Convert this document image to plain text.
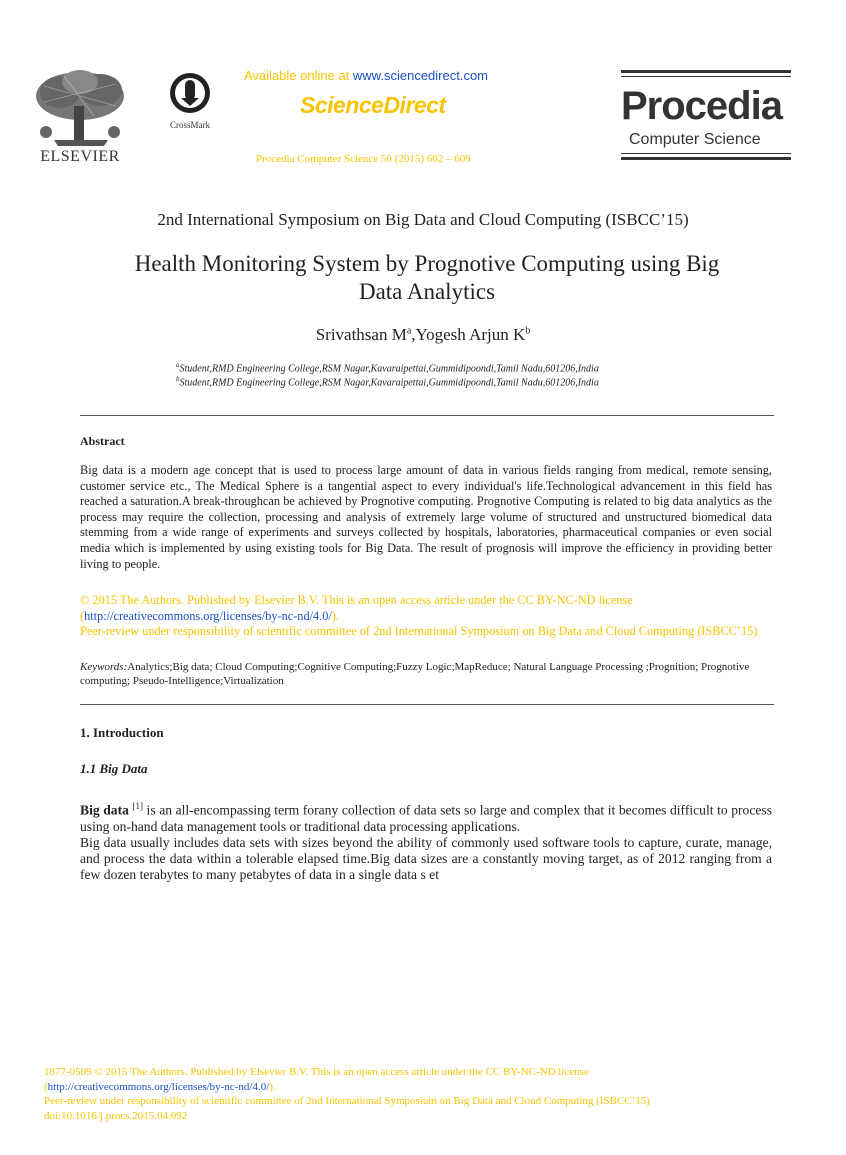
ELSEVIER
CrossMark
Available online at www.sciencedirect.com
ScienceDirect
Procedia Computer Science 50 (2015) 602 – 609
Procedia
Computer Science
2nd International Symposium on Big Data and Cloud Computing (ISBCC’15)
Health Monitoring System by Prognotive Computing using Big
Data Analytics
Srivathsan $M^a,Yogesh$ Arjun $K^b$
$^a$Student,RMD Engineering College,RSM Nagar,Kavaraipettai,Gummidipoondi,Tamil Nadu,601206,India
$^b$Student,RMD Engineering College,RSM Nagar,Kavaraipettai,Gummidipoondi,Tamil Nadu,601206,India
Abstract
Big data is a modern age concept that is used to process large amount of data in various fields ranging from medical, remote sensing, customer service etc., The Medical Sphere is a tangential aspect to every individual's life.Technological advancement in this field has reached a saturation.A break-throughcan be achieved by Prognotive computing. Prognotive Computing is related to big data analytics as the process may require the collection, processing and analysis of extremely large volume of structured and unstructured biomedical data stemming from a wide range of experiments and surveys collected by hospitals, laboratories, pharmaceutical companies or even social media which is implemented by using existing tools for Big Data. The result of prognosis will improve the efficiency in providing better living to people.
© 2015 The Authors. Published by Elsevier B.V. This is an open access article under the CC BY-NC-ND license
(http://creativecommons.org/licenses/by-nc-nd/4.0/).
Peer-review under responsibility of scientific committee of 2nd International Symposium on Big Data and Cloud Computing (ISBCC’15)
Keywords:Analytics;Big data; Cloud Computing;Cognitive Computing;Fuzzy Logic;MapReduce; Natural Language Processing ;Prognition; Prognotive computing; Pseudo-Intelligence;Virtualization
1. Introduction
1.1 Big Data
Big data [1] is an all-encompassing term forany collection of data sets so large and complex that it becomes difficult to process using on-hand data management tools or traditional data processing applications.
Big data usually includes data sets with sizes beyond the ability of commonly used software tools to capture, curate, manage, and process the data within a tolerable elapsed time.Big data sizes are a constantly moving target, as of 2012 ranging from a few dozen terabytes to many petabytes of data in a single data s et
1877-0509 © 2015 The Authors. Published by Elsevier B.V. This is an open access article under the CC BY-NC-ND license
(http://creativecommons.org/licenses/by-nc-nd/4.0/).
Peer-review under responsibility of scientific committee of 2nd International Symposium on Big Data and Cloud Computing (ISBCC’15)
doi:10.1016/j.procs.2015.04.092
